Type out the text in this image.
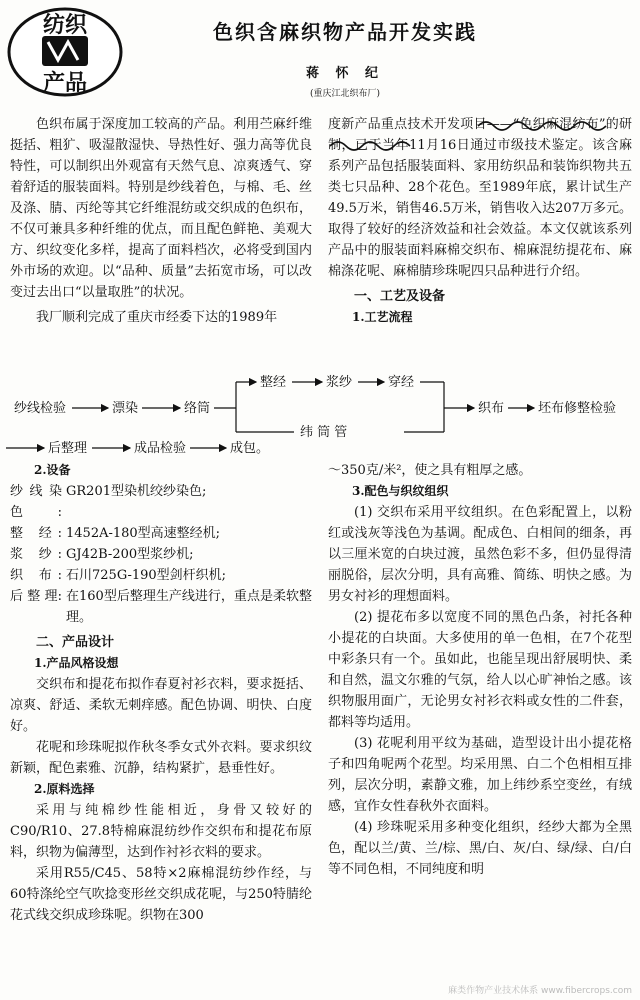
纺织
产品
色织含麻织物产品开发实践
蒋 怀 纪
(重庆江北织布厂)

色织布属于深度加工较高的产品。利用苎麻纤维挺括、粗犷、吸湿散湿快、导热性好、强力高等优良特性，可以制织出外观富有天然气息、凉爽透气、穿着舒适的服装面料。特别是纱线着色，与棉、毛、丝及涤、腈、丙纶等其它纤维混纺或交织成的色织布，不仅可兼具多种纤维的优点，而且配色鲜艳、美观大方、织纹变化多样，提高了面料档次，必将受到国内外市场的欢迎。以“品种、质量”去拓宽市场，可以改变过去出口“以量取胜”的状况。

我厂顺利完成了重庆市经委下达的1989年

度新产品重点技术开发项目——“色织麻混纺布”的研制，已于当年11月16日通过市级技术鉴定。该含麻系列产品包括服装面料、家用纺织品和装饰织物共五类七只品种、28个花色。至1989年底，累计试生产49.5万米，销售46.5万米，销售收入达207万多元。取得了较好的经济效益和社会效益。本文仅就该系列产品中的服装面料麻棉交织布、棉麻混纺提花布、麻棉涤花呢、麻棉腈珍珠呢四只品种进行介绍。

一、工艺及设备

1.工艺流程

纱线检验	漂染	络筒
整经	浆纱	穿经
纬 筒 管
织布	坯布修整检验
后整理	成品检验	成包。

2.设备

纱线染色:
GR201型染机绞纱染色;
整 经: 1452A-180型高速整经机;
浆 纱: GJ42B-200型浆纱机;
织 布: 石川725G-190型剑杆织机;
后 整 理: 在160型后整理生产线进行，重点是柔软整理。

二、产品设计

1.产品风格设想

交织布和提花布拟作春夏衬衫衣料，要求挺括、凉爽、舒适、柔软无刺痒感。配色协调、明快、白度好。

花呢和珍珠呢拟作秋冬季女式外衣料。要求织纹新颖，配色素雅、沉静，结构紧扩，悬垂性好。

2.原料选择

采用与纯棉纱性能相近，身骨又较好的C90/R10、27.8特棉麻混纺纱作交织布和提花布原料，织物为偏薄型，达到作衬衫衣料的要求。

采用R55/C45、58特×2麻棉混纺纱作经，与60特涤纶空气吹捻变形丝交织成花呢，与250特腈纶花式线交织成珍珠呢。织物在300

～350克/米²，使之具有粗厚之感。

3.配色与织纹组织

(1) 交织布采用平纹组织。在色彩配置上，以粉红或浅灰等浅色为基调。配成色、白相间的细条，再以三厘米宽的白块过渡，虽然色彩不多，但仍显得清丽脱俗，层次分明，具有高雅、简练、明快之感。为男女衬衫的理想面料。

(2) 提花布多以宽度不同的黑色凸条，衬托各种小提花的白块面。大多使用的单一色相，在7个花型中彩条只有一个。虽如此，也能呈现出舒展明快、柔和自然，温文尔雅的气氛，给人以心旷神怡之感。该织物服用面广，无论男女衬衫衣料或女性的二件套，都料等均适用。

(3) 花呢利用平纹为基础，造型设计出小提花格子和四角呢两个花型。均采用黑、白二个色相相互排列，层次分明，素静文雅，加上纬纱系空变丝，有绒感，宜作女性春秋外衣面料。

(4) 珍珠呢采用多种变化组织，经纱大都为全黑色，配以兰/黄、兰/棕、黑/白、灰/白、绿/绿、白/白等不同色相，不同纯度和明

麻类作物产业技术体系 www.fibercrops.com
